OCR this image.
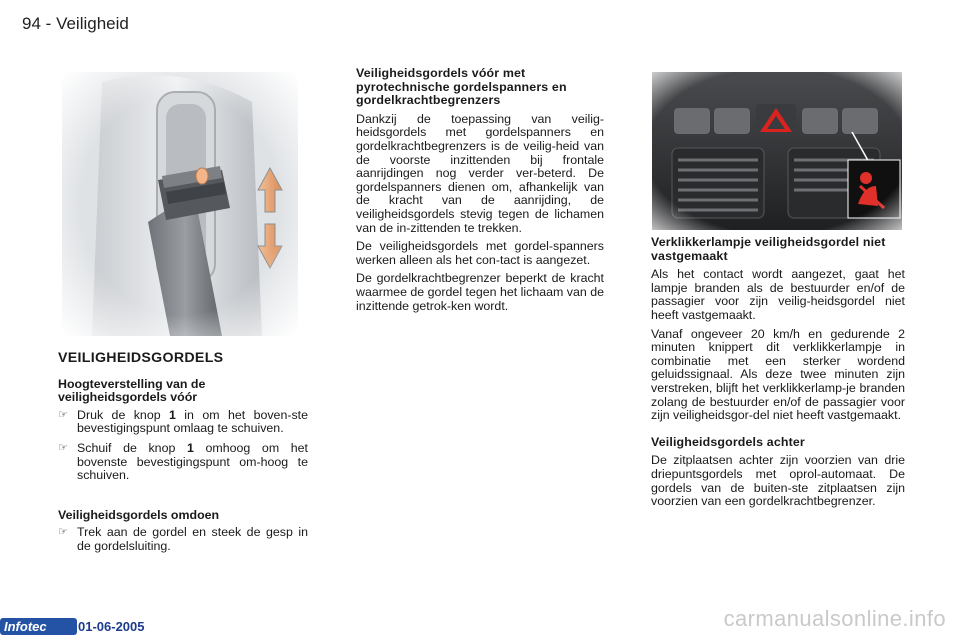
94 - Veiligheid
VEILIGHEIDSGORDELS
Hoogteverstelling van de veiligheidsgordels vóór
☞ Druk de knop 1 in om het boven-ste bevestigingspunt omlaag te schuiven.
☞ Schuif de knop 1 omhoog om het bovenste bevestigingspunt om-hoog te schuiven.
Veiligheidsgordels omdoen
☞ Trek aan de gordel en steek de gesp in de gordelsluiting.

Veiligheidsgordels vóór met pyrotechnische gordelspanners en gordelkrachtbegrenzers

Dankzij de toepassing van veilig-heidsgordels met gordelspanners en gordelkrachtbegrenzers is de veilig-heid van de voorste inzittenden bij frontale aanrijdingen nog verder ver-beterd. De gordelspanners dienen om, afhankelijk van de kracht van de aanrijding, de veiligheidsgordels stevig tegen de lichamen van de in-zittenden te trekken.

De veiligheidsgordels met gordel-spanners werken alleen als het con-tact is aangezet.

De gordelkrachtbegrenzer beperkt de kracht waarmee de gordel tegen het lichaam van de inzittende getrok-ken wordt.

Verklikkerlampje veiligheidsgordel niet vastgemaakt

Als het contact wordt aangezet, gaat het lampje branden als de bestuurder en/of de passagier voor zijn veilig-heidsgordel niet heeft vastgemaakt.

Vanaf ongeveer 20 km/h en gedurende 2 minuten knippert dit verklikkerlampje in combinatie met een sterker wordend geluidssignaal. Als deze twee minuten zijn verstreken, blijft het verklikkerlamp-je branden zolang de bestuurder en/of de passagier voor zijn veiligheidsgor-del niet heeft vastgemaakt.

Veiligheidsgordels achter

De zitplaatsen achter zijn voorzien van drie driepuntsgordels met oprol-automaat. De gordels van de buiten-ste zitplaatsen zijn voorzien van een gordelkrachtbegrenzer.

Infotec 01-06-2005	carmanualsonline.info
